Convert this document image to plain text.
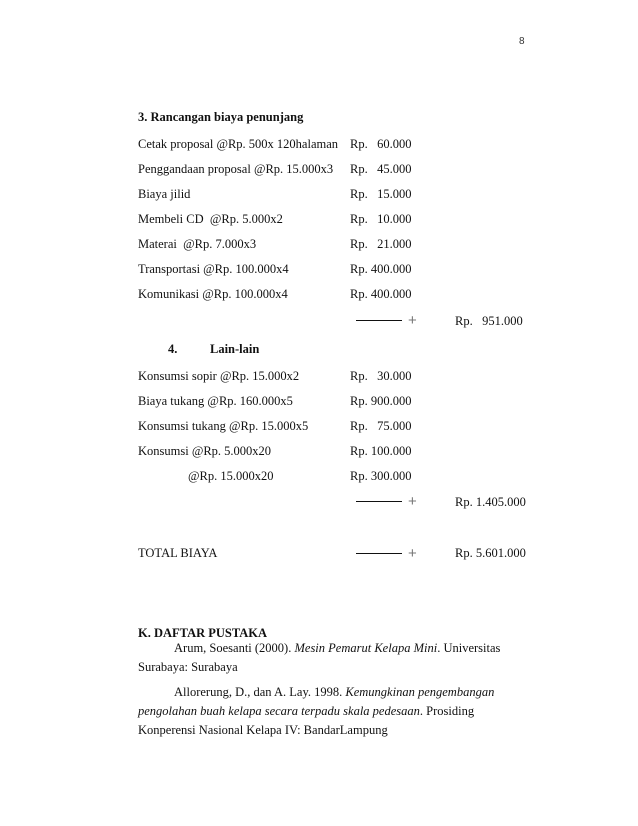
8
3. Rancangan biaya penunjang
Cetak proposal @Rp. 500x 120halaman Rp.   60.000
Penggandaan proposal @Rp. 15.000x3 Rp.   45.000
Biaya jilid	Rp.   15.000
Membeli CD  @Rp. 5.000x2	Rp.   10.000
Materai  @Rp. 7.000x3	Rp.   21.000
Transportasi @Rp. 100.000x4	Rp. 400.000
Komunikasi @Rp. 100.000x4	Rp. 400.000
+	Rp.   951.000
4.	Lain-lain
Konsumsi sopir @Rp. 15.000x2	Rp.   30.000
Biaya tukang @Rp. 160.000x5	Rp. 900.000
Konsumsi tukang @Rp. 15.000x5	Rp.   75.000
Konsumsi @Rp. 5.000x20	Rp. 100.000
@Rp. 15.000x20	Rp. 300.000
+	Rp. 1.405.000
TOTAL BIAYA	+	Rp. 5.601.000
K. DAFTAR PUSTAKA
Arum, Soesanti (2000). Mesin Pemarut Kelapa Mini. Universitas Surabaya: Surabaya
Allorerung, D., dan A. Lay. 1998. Kemungkinan pengembangan pengolahan buah kelapa secara terpadu skala pedesaan. Prosiding Konperensi Nasional Kelapa IV: BandarLampung
